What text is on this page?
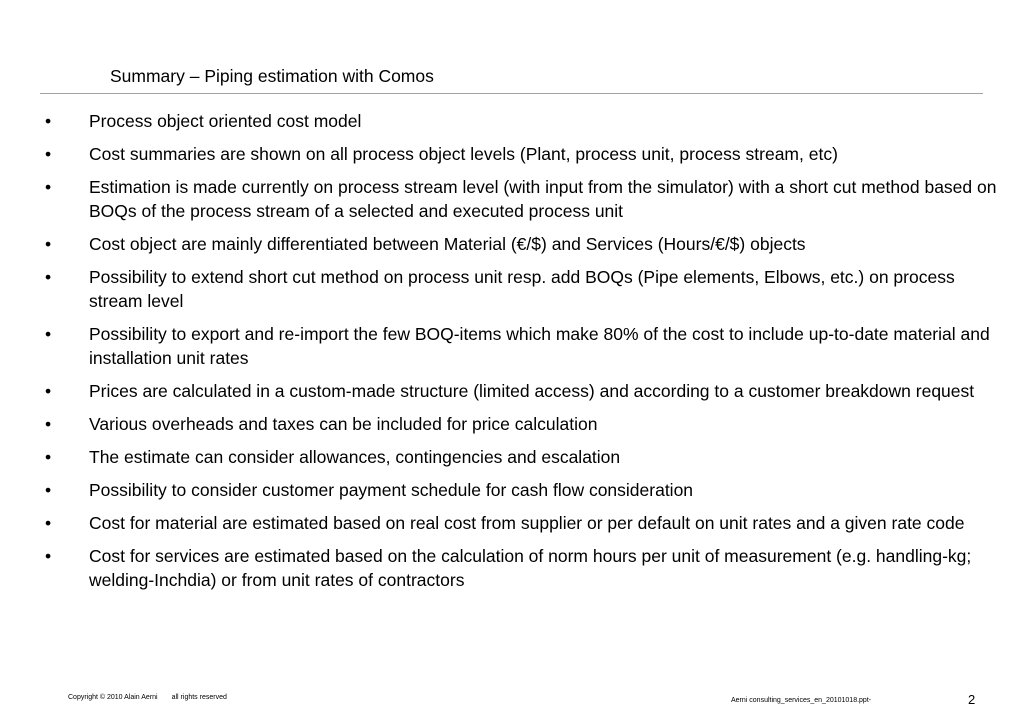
Summary – Piping estimation with Comos
•	Process object oriented cost model
•	Cost summaries are shown on all process object levels (Plant, process unit, process stream, etc)
•	Estimation is made currently on process stream level (with input from the simulator) with a short cut method based on BOQs of the process stream of a selected and executed process unit
•	Cost object are mainly differentiated between Material (€/$) and Services (Hours/€/$) objects
•	Possibility to extend short cut method on process unit resp. add BOQs (Pipe elements, Elbows, etc.) on process stream level
•	Possibility to export and re-import the few BOQ-items which make 80% of the cost to include up-to-date material and installation unit rates
•	Prices are calculated in a custom-made structure (limited access) and according to a customer breakdown request
•	Various overheads and taxes can be included for price calculation
•	The estimate can consider allowances, contingencies and escalation
•	Possibility to consider customer payment schedule for cash flow consideration
•	Cost for material are estimated based on real cost from supplier or per default on unit rates and a given rate code
•	Cost for services are estimated based on the calculation of norm hours per unit of measurement (e.g. handling-kg; welding-Inchdia) or from unit rates of contractors
Copyright © 2010 Alain Aerni all rights reserved	Aerni consulting_services_en_20101018.ppt-	2
